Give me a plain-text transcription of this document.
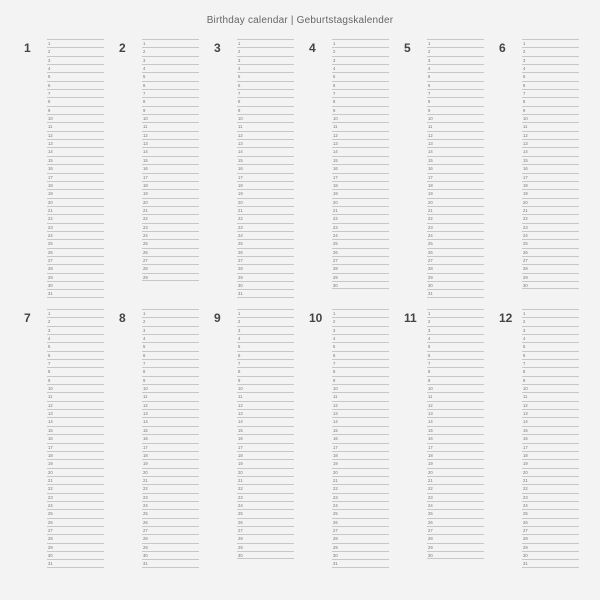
Birthday calendar | Geburtstagskalender
1	1
2
3
4
5
6
7
8
9
10
11
12
13
14
15
16
17
18
19
20
21
22
23
24
25
26
27
28
29
30
31
2	1
2
3
4
5
6
7
8
9
10
11
12
13
14
15
16
17
18
19
20
21
22
23
24
25
26
27
28
29
3	1
2
3
4
5
6
7
8
9
10
11
12
13
14
15
16
17
18
19
20
21
22
23
24
25
26
27
28
29
30
31
4	1
2
3
4
5
6
7
8
9
10
11
12
13
14
15
16
17
18
19
20
21
22
23
24
25
26
27
28
29
30
5	1
2
3
4
5
6
7
8
9
10
11
12
13
14
15
16
17
18
19
20
21
22
23
24
25
26
27
28
29
30
31
6	1
2
3
4
5
6
7
8
9
10
11
12
13
14
15
16
17
18
19
20
21
22
23
24
25
26
27
28
29
30
7	1
2
3
4
5
6
7
8
9
10
11
12
13
14
15
16
17
18
19
20
21
22
23
24
25
26
27
28
29
30
31
8	1
2
3
4
5
6
7
8
9
10
11
12
13
14
15
16
17
18
19
20
21
22
23
24
25
26
27
28
29
30
31
9	1
2
3
4
5
6
7
8
9
10
11
12
13
14
15
16
17
18
19
20
21
22
23
24
25
26
27
28
29
30
10	1
2
3
4
5
6
7
8
9
10
11
12
13
14
15
16
17
18
19
20
21
22
23
24
25
26
27
28
29
30
31
11	1
2
3
4
5
6
7
8
9
10
11
12
13
14
15
16
17
18
19
20
21
22
23
24
25
26
27
28
29
30
12	1
2
3
4
5
6
7
8
9
10
11
12
13
14
15
16
17
18
19
20
21
22
23
24
25
26
27
28
29
30
31
